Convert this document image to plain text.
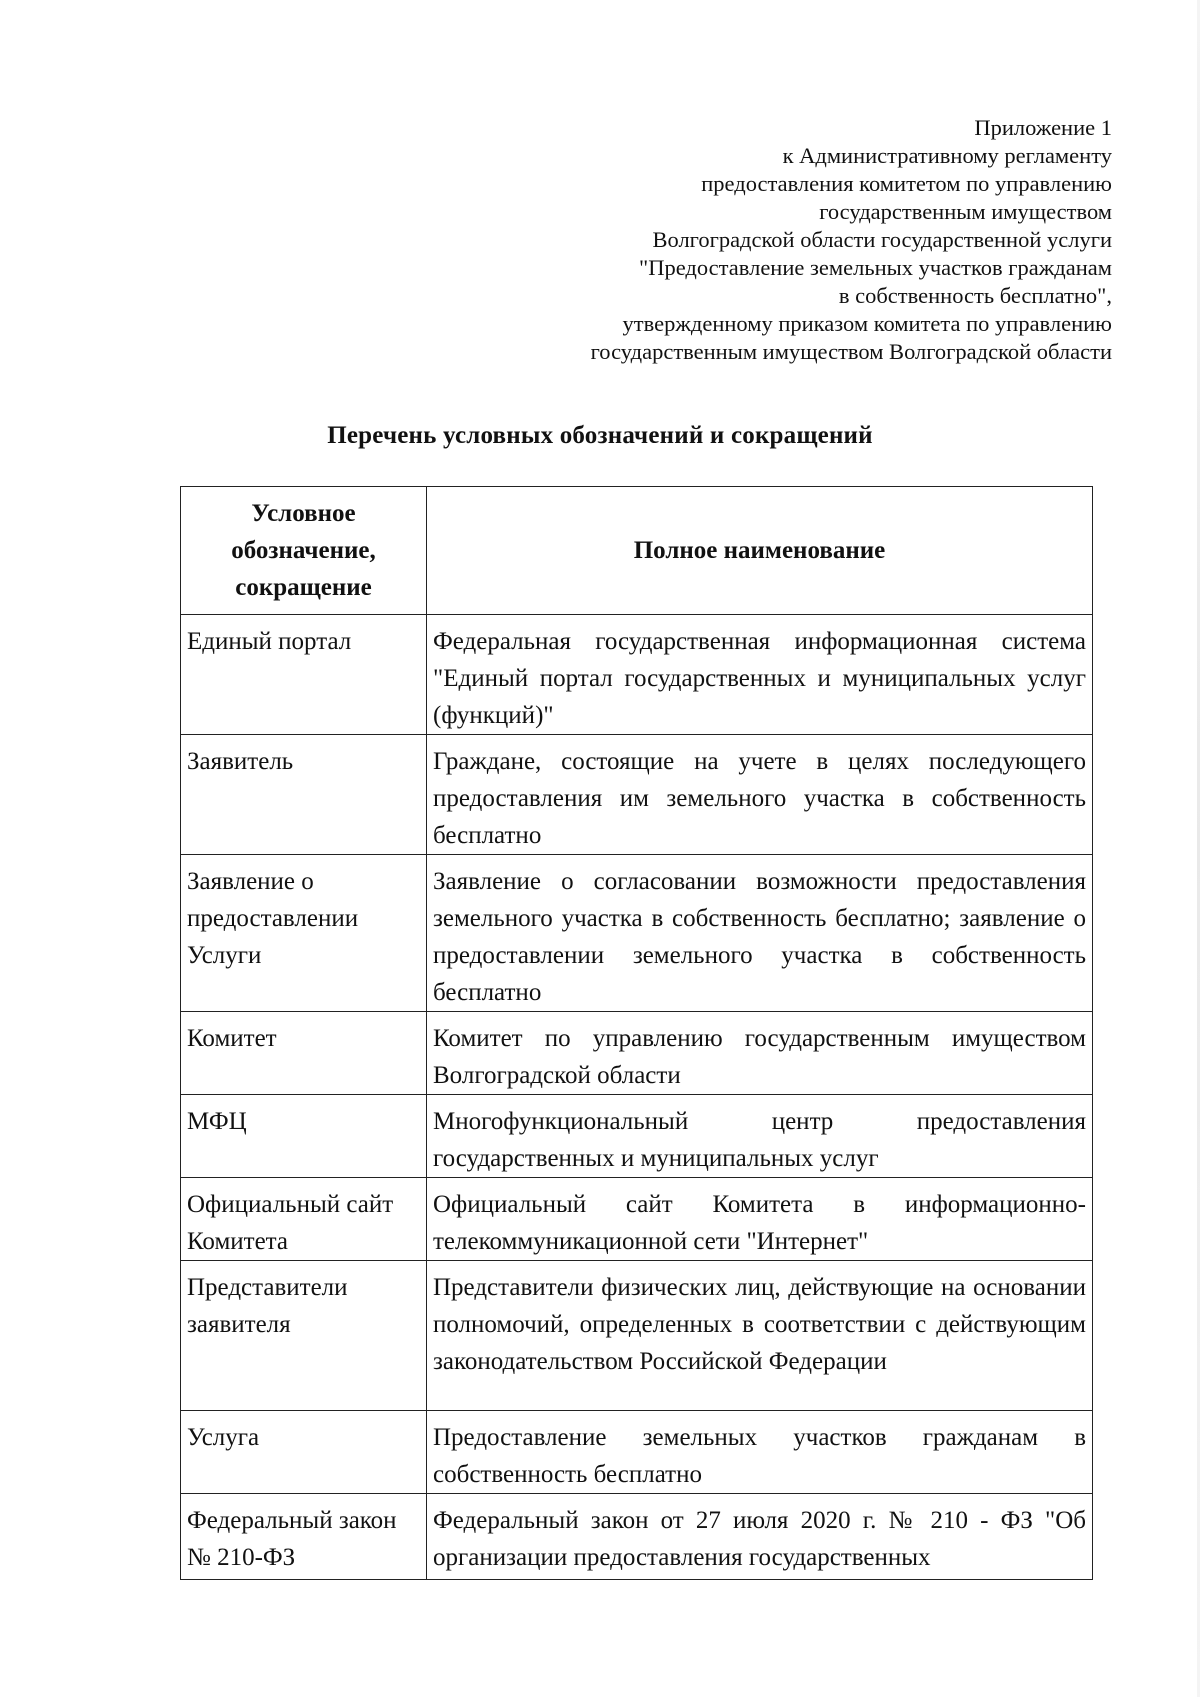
Приложение 1
к Административному регламенту
предоставления комитетом по управлению
государственным имуществом
Волгоградской области государственной услуги
"Предоставление земельных участков гражданам
в собственность бесплатно",
утвержденному приказом комитета по управлению
государственным имуществом Волгоградской области
Перечень условных обозначений и сокращений
Условное
обозначение,
сокращение	Полное наименование
Единый портал	Федеральная государственная информационная система "Единый портал государственных и муниципальных услуг (функций)"
Заявитель	Граждане, состоящие на учете в целях последующего предоставления им земельного участка в собственность бесплатно
Заявление о предоставлении Услуги	Заявление о согласовании возможности предоставления земельного участка в собственность бесплатно; заявление о предоставлении земельного участка в собственность бесплатно
Комитет	Комитет по управлению государственным имуществом Волгоградской области
МФЦ	Многофункциональный центр предоставления государственных и муниципальных услуг
Официальный сайт Комитета	Официальный сайт Комитета в информационно-телекоммуникационной сети "Интернет"
Представители заявителя	Представители физических лиц, действующие на основании полномочий, определенных в соответствии с действующим законодательством Российской Федерации
Услуга	Предоставление земельных участков гражданам в собственность бесплатно
Федеральный закон № 210-ФЗ	Федеральный закон от 27 июля 2020 г. № 210 - ФЗ "Об организации предоставления государственных
